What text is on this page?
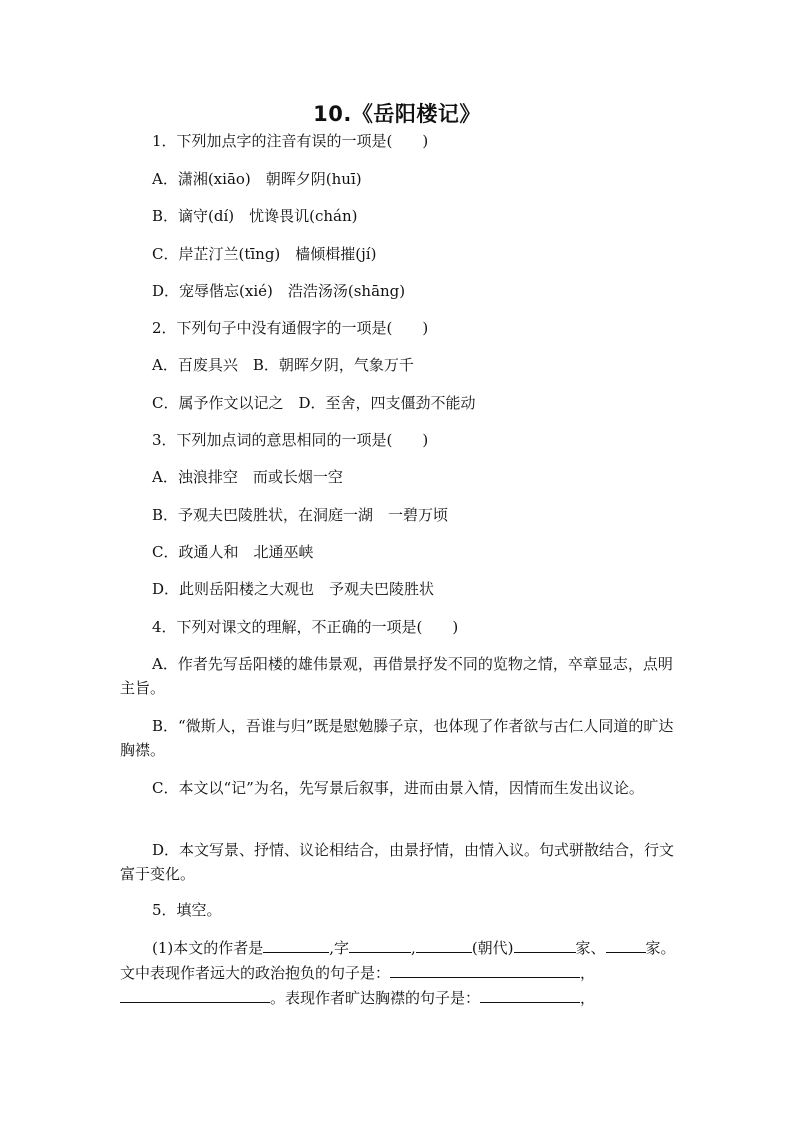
10.《岳阳楼记》
1．下列加点字的注音有误的一项是(　　)
A．潇湘(xiāo)　朝晖夕阴(huī)
B．谪守(dí)　忧谗畏讥(chán)
C．岸芷汀兰(tīng)　樯倾楫摧(jí)
D．宠辱偕忘(xié)　浩浩汤汤(shāng)
2．下列句子中没有通假字的一项是(　　)
A．百废具兴　B．朝晖夕阴，气象万千
C．属予作文以记之　D．至舍，四支僵劲不能动
3．下列加点词的意思相同的一项是(　　)
A．浊浪排空　而或长烟一空
B．予观夫巴陵胜状，在洞庭一湖　一碧万顷
C．政通人和　北通巫峡
D．此则岳阳楼之大观也　予观夫巴陵胜状
4．下列对课文的理解，不正确的一项是(　　)
A．作者先写岳阳楼的雄伟景观，再借景抒发不同的览物之情，卒章显志，点明主旨。
B．“微斯人，吾谁与归”既是慰勉滕子京，也体现了作者欲与古仁人同道的旷达胸襟。
C．本文以“记”为名，先写景后叙事，进而由景入情，因情而生发出议论。
D．本文写景、抒情、议论相结合，由景抒情，由情入议。句式骈散结合，行文富于变化。
5．填空。
(1)本文的作者是	,字	,	(朝代)	家、	家。文中表现作者远大的政治抱负的句子是：	，。表现作者旷达胸襟的句子是：	，
